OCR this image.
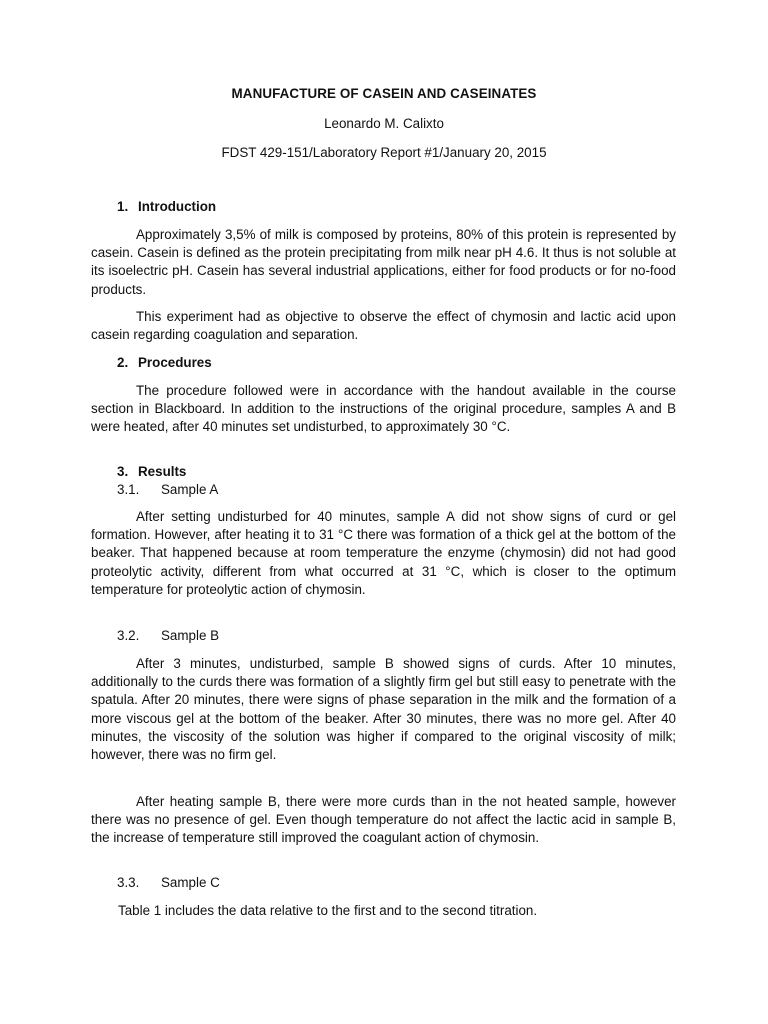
MANUFACTURE OF CASEIN AND CASEINATES
Leonardo M. Calixto
FDST 429-151/Laboratory Report #1/January 20, 2015
1. Introduction

Approximately 3,5% of milk is composed by proteins, 80% of this protein is represented by casein. Casein is defined as the protein precipitating from milk near pH 4.6. It thus is not soluble at its isoelectric pH. Casein has several industrial applications, either for food products or for no-food products.

This experiment had as objective to observe the effect of chymosin and lactic acid upon casein regarding coagulation and separation.

2. Procedures

The procedure followed were in accordance with the handout available in the course section in Blackboard. In addition to the instructions of the original procedure, samples A and B were heated, after 40 minutes set undisturbed, to approximately 30 °C.

3. Results
3.1. Sample A

After setting undisturbed for 40 minutes, sample A did not show signs of curd or gel formation. However, after heating it to 31 °C there was formation of a thick gel at the bottom of the beaker. That happened because at room temperature the enzyme (chymosin) did not had good proteolytic activity, different from what occurred at 31 °C, which is closer to the optimum temperature for proteolytic action of chymosin.

3.2. Sample B

After 3 minutes, undisturbed, sample B showed signs of curds. After 10 minutes, additionally to the curds there was formation of a slightly firm gel but still easy to penetrate with the spatula. After 20 minutes, there were signs of phase separation in the milk and the formation of a more viscous gel at the bottom of the beaker. After 30 minutes, there was no more gel. After 40 minutes, the viscosity of the solution was higher if compared to the original viscosity of milk; however, there was no firm gel.

After heating sample B, there were more curds than in the not heated sample, however there was no presence of gel. Even though temperature do not affect the lactic acid in sample B, the increase of temperature still improved the coagulant action of chymosin.

3.3. Sample C

Table 1 includes the data relative to the first and to the second titration.
